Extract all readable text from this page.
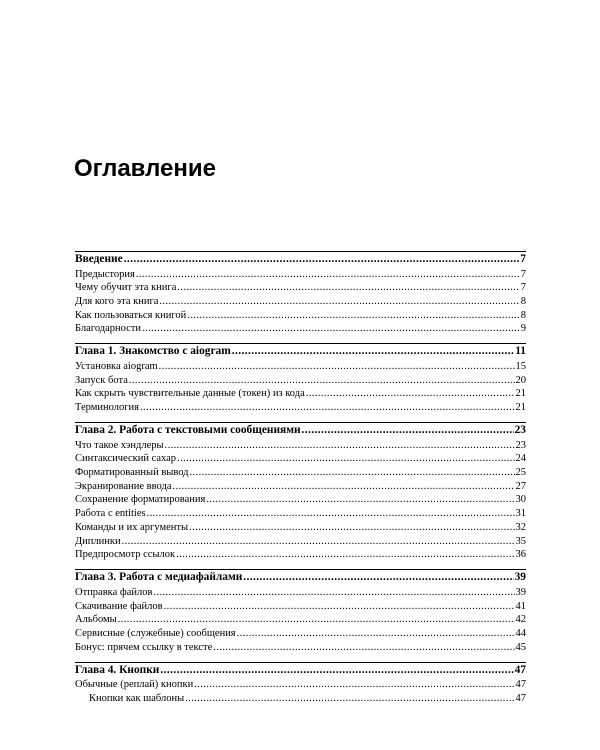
Оглавление
Введение .....	7
Предыстория .....	7
Чему обучит эта книга .....	7
Для кого эта книга .....	8
Как пользоваться книгой .....	8
Благодарности .....	9
Глава 1. Знакомство с aiogram .....	11
Установка aiogram .....	15
Запуск бота .....	20
Как скрыть чувствительные данные (токен) из кода .....	21
Терминология .....	21
Глава 2. Работа с текстовыми сообщениями .....	23
Что такое хэндлеры .....	23
Синтаксический сахар .....	24
Форматированный вывод .....	25
Экранирование ввода .....	27
Сохранение форматирования .....	30
Работа с entities .....	31
Команды и их аргументы .....	32
Диплинки .....	35
Предпросмотр ссылок .....	36
Глава 3. Работа с медиафайлами .....	39
Отправка файлов .....	39
Скачивание файлов .....	41
Альбомы .....	42
Сервисные (служебные) сообщения .....	44
Бонус: прячем ссылку в тексте .....	45
Глава 4. Кнопки .....	47
Обычные (реплай) кнопки .....	47
Кнопки как шаблоны .....	47
